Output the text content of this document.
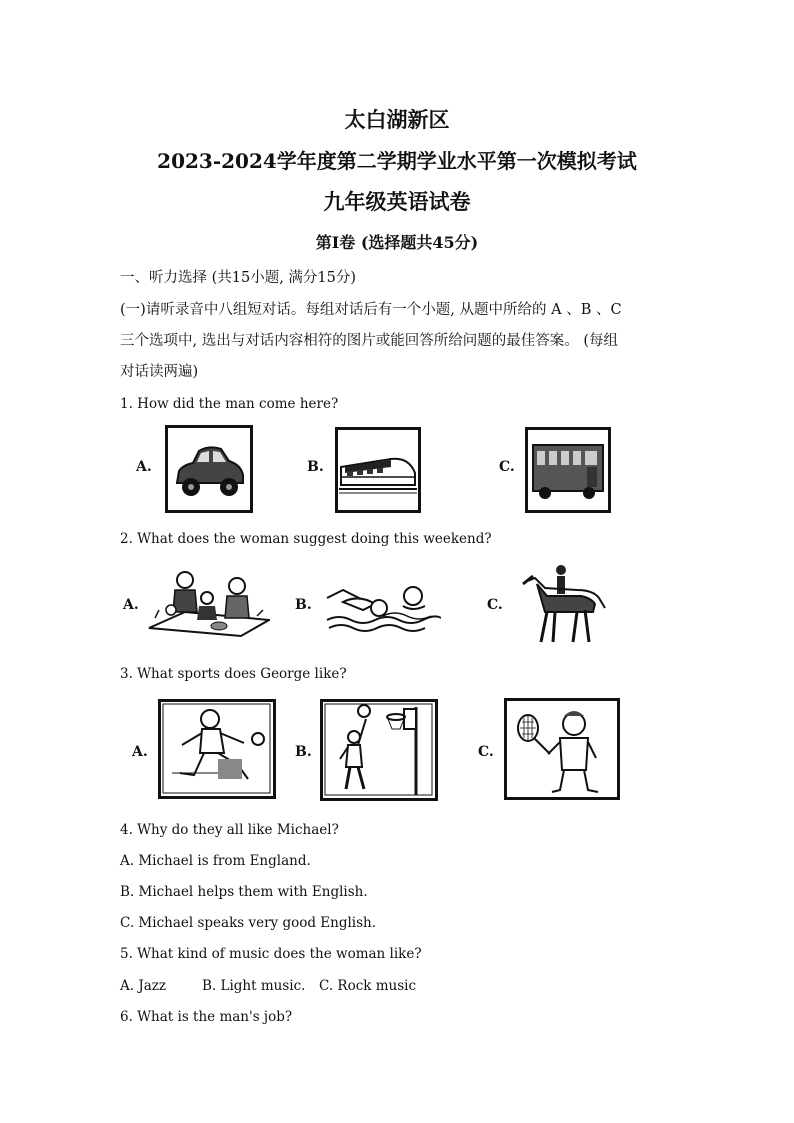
太白湖新区
2023-2024学年度第二学期学业水平第一次模拟考试
九年级英语试卷
第I卷 (选择题共45分)
一、听力选择 (共15小题, 满分15分)
(一)请听录音中八组短对话。每组对话后有一个小题, 从题中所给的 A 、B 、C
三个选项中, 选出与对话内容相符的图片或能回答所给问题的最佳答案。 (每组
对话读两遍)
1. How did the man come here?
A.	B.	C.
2. What does the woman suggest doing this weekend?
A.	B.	C.
3. What sports does George like?
A.	B.	C.
4. Why do they all like Michael?
A. Michael is from England.
B. Michael helps them with English.
C. Michael speaks very good English.
5. What kind of music does the woman like?
A. Jazz	B. Light music. C. Rock music
6. What is the man's job?
